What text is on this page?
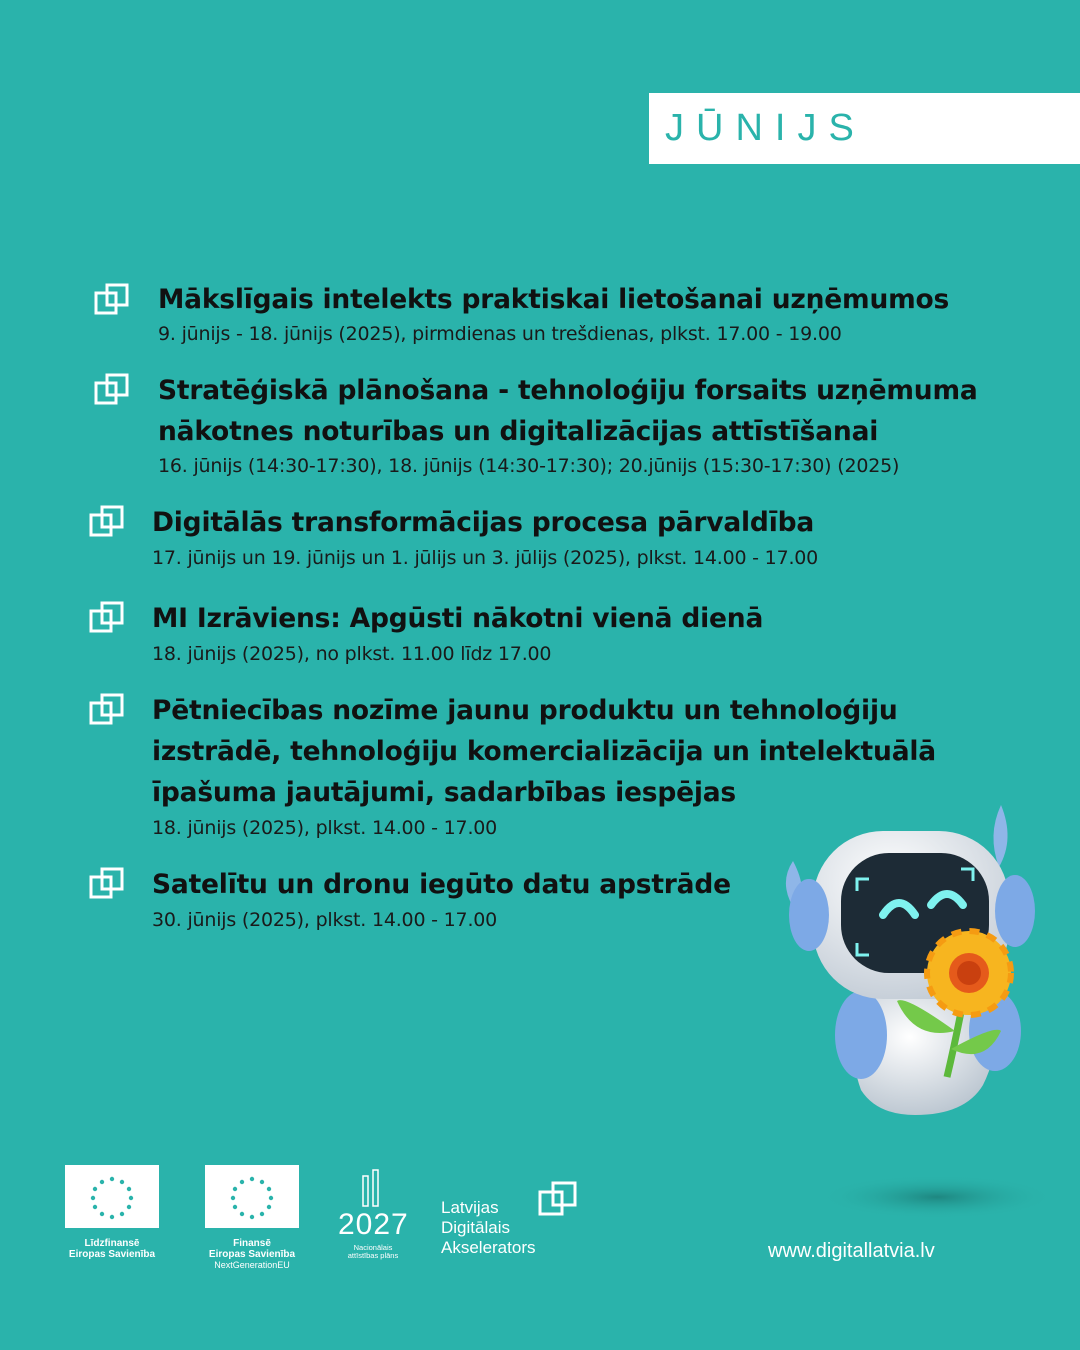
JŪNIJS
Mākslīgais intelekts praktiskai lietošanai uzņēmumos
9. jūnijs - 18. jūnijs (2025), pirmdienas un trešdienas, plkst. 17.00 - 19.00
Stratēģiskā plānošana - tehnoloģiju forsaits uzņēmuma
nākotnes noturības un digitalizācijas attīstīšanai
16. jūnijs (14:30-17:30), 18. jūnijs (14:30-17:30); 20.jūnijs (15:30-17:30) (2025)
Digitālās transformācijas procesa pārvaldība
17. jūnijs un 19. jūnijs un 1. jūlijs un 3. jūlijs (2025), plkst. 14.00 - 17.00
MI Izrāviens: Apgūsti nākotni vienā dienā
18. jūnijs (2025), no plkst. 11.00 līdz 17.00
Pētniecības nozīme jaunu produktu un tehnoloģiju
izstrādē, tehnoloģiju komercializācija un intelektuālā
īpašuma jautājumi, sadarbības iespējas
18. jūnijs (2025), plkst. 14.00 - 17.00
Satelītu un dronu iegūto datu apstrāde
30. jūnijs (2025), plkst. 14.00 - 17.00
Līdzfinansē
Eiropas Savienība
Finansē
Eiropas Savienība
NextGenerationEU
2027
Nacionālais
attīstības plāns
Latvijas
Digitālais
Akselerators	www.digitallatvia.lv
